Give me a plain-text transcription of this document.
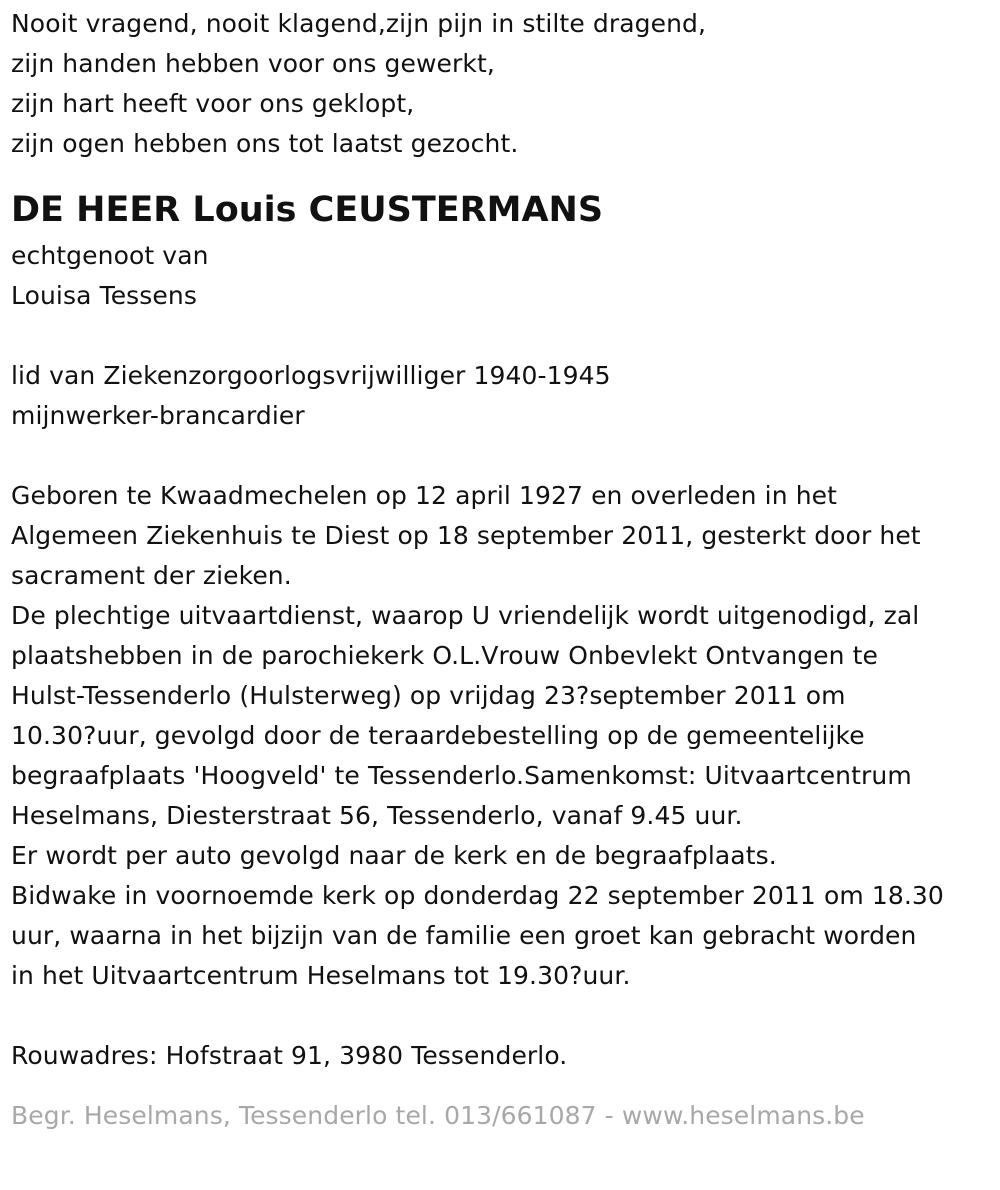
Nooit vragend, nooit klagend,zijn pijn in stilte dragend,
zijn handen hebben voor ons gewerkt,
zijn hart heeft voor ons geklopt,
zijn ogen hebben ons tot laatst gezocht.
DE HEER Louis CEUSTERMANS
echtgenoot van
Louisa Tessens
lid van Ziekenzorgoorlogsvrijwilliger 1940-1945
mijnwerker-brancardier
Geboren te Kwaadmechelen op 12 april 1927 en overleden in het
Algemeen Ziekenhuis te Diest op 18 september 2011, gesterkt door het
sacrament der zieken.
De plechtige uitvaartdienst, waarop U vriendelijk wordt uitgenodigd, zal
plaatshebben in de parochiekerk O.L.Vrouw Onbevlekt Ontvangen te
Hulst-Tessenderlo (Hulsterweg) op vrijdag 23?september 2011 om
10.30?uur, gevolgd door de teraardebestelling op de gemeentelijke
begraafplaats 'Hoogveld' te Tessenderlo.Samenkomst: Uitvaartcentrum
Heselmans, Diesterstraat 56, Tessenderlo, vanaf 9.45 uur.
Er wordt per auto gevolgd naar de kerk en de begraafplaats.
Bidwake in voornoemde kerk op donderdag 22 september 2011 om 18.30
uur, waarna in het bijzijn van de familie een groet kan gebracht worden
in het Uitvaartcentrum Heselmans tot 19.30?uur.
Rouwadres: Hofstraat 91, 3980 Tessenderlo.
Begr. Heselmans, Tessenderlo tel. 013/661087 - www.heselmans.be
